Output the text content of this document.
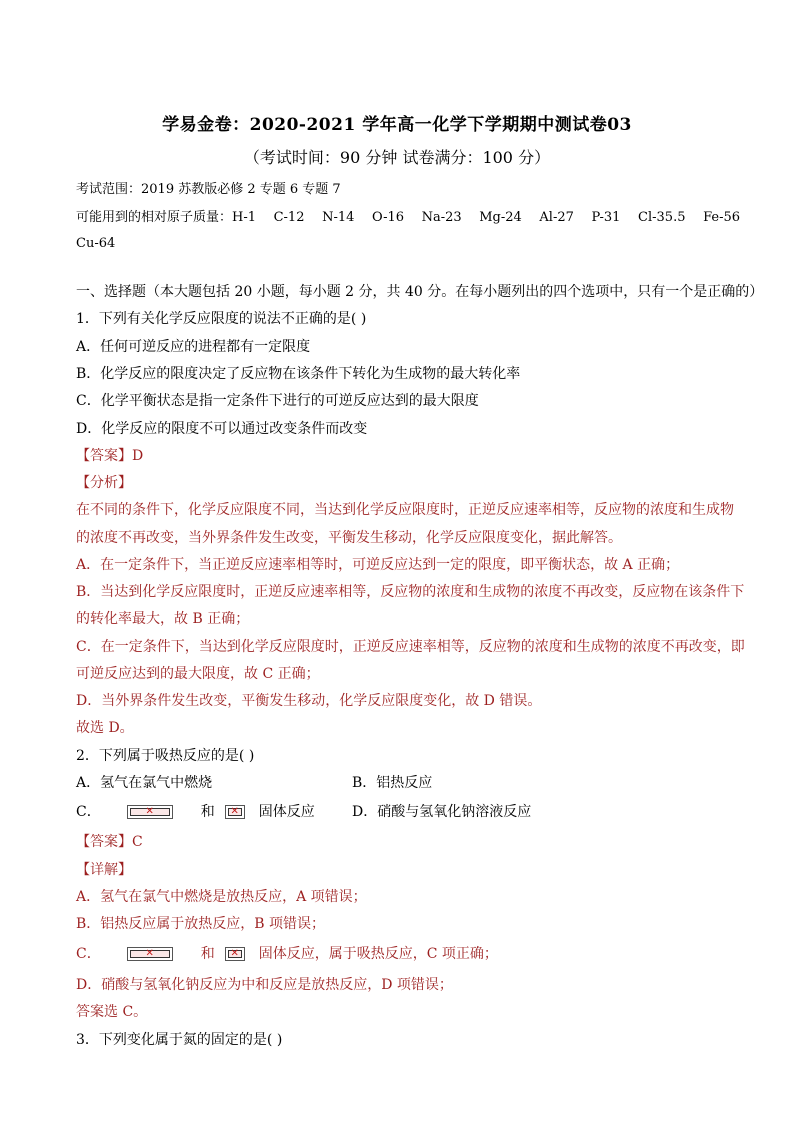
学易金卷：2020-2021 学年高一化学下学期期中测试卷03
（考试时间：90 分钟 试卷满分：100 分）
考试范围：2019 苏教版必修 2 专题 6 专题 7
可能用到的相对原子质量：H-1 C-12 N-14 O-16 Na-23 Mg-24 Al-27 P-31 Cl-35.5 Fe-56
Cu-64
一、选择题（本大题包括 20 小题，每小题 2 分，共 40 分。在每小题列出的四个选项中，只有一个是正确的）
1．下列有关化学反应限度的说法不正确的是( )
A．任何可逆反应的进程都有一定限度
B．化学反应的限度决定了反应物在该条件下转化为生成物的最大转化率
C．化学平衡状态是指一定条件下进行的可逆反应达到的最大限度
D．化学反应的限度不可以通过改变条件而改变
【答案】D
【分析】
在不同的条件下，化学反应限度不同，当达到化学反应限度时，正逆反应速率相等，反应物的浓度和生成物
的浓度不再改变，当外界条件发生改变，平衡发生移动，化学反应限度变化，据此解答。
A．在一定条件下，当正逆反应速率相等时，可逆反应达到一定的限度，即平衡状态，故 A 正确；
B．当达到化学反应限度时，正逆反应速率相等，反应物的浓度和生成物的浓度不再改变，反应物在该条件下
的转化率最大，故 B 正确；
C．在一定条件下，当达到化学反应限度时，正逆反应速率相等，反应物的浓度和生成物的浓度不再改变，即
可逆反应达到的最大限度，故 C 正确；
D．当外界条件发生改变，平衡发生移动，化学反应限度变化，故 D 错误。
故选 D。
2．下列属于吸热反应的是( )
A．氢气在氯气中燃烧	B．铝热反应
C．	✕	和	✕	固体反应	D．硝酸与氢氧化钠溶液反应
【答案】C
【详解】
A．氢气在氯气中燃烧是放热反应，A 项错误；
B．铝热反应属于放热反应，B 项错误；
C．	✕	和	✕	固体反应，属于吸热反应，C 项正确；
D．硝酸与氢氧化钠反应为中和反应是放热反应，D 项错误；
答案选 C。
3．下列变化属于氮的固定的是( )
